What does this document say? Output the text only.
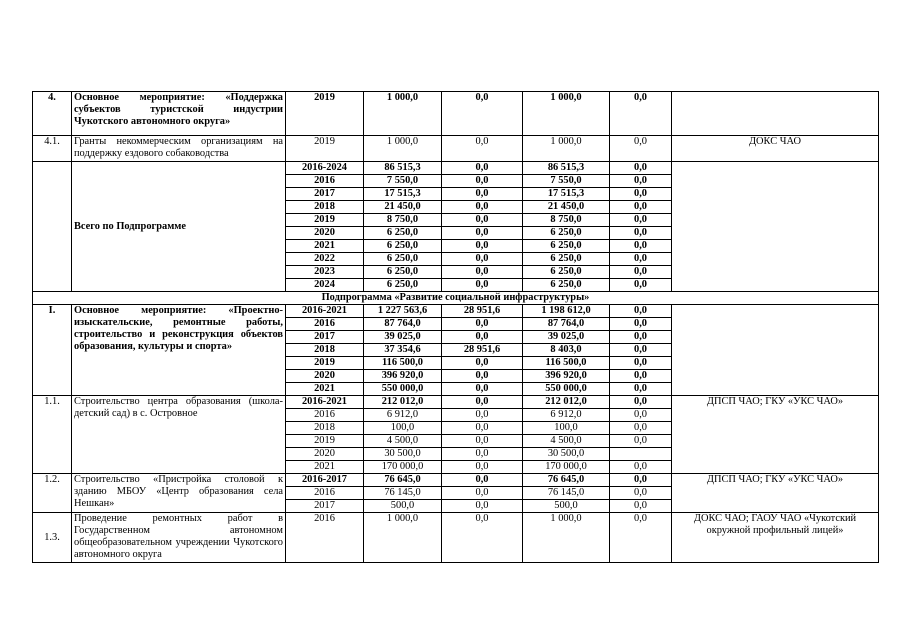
4.	Основное мероприятие: «Поддержка субъектов туристской индустрии Чукотского автономного округа»	2019	1 000,0	0,0	1 000,0	0,0	
4.1.	Гранты некоммерческим организациям на поддержку ездового собаководства	2019	1 000,0	0,0	1 000,0	0,0	ДОКС ЧАО
	Всего по Подпрограмме	2016-2024	86 515,3	0,0	86 515,3	0,0	
		2016	7 550,0	0,0	7 550,0	0,0	
		2017	17 515,3	0,0	17 515,3	0,0	
		2018	21 450,0	0,0	21 450,0	0,0	
		2019	8 750,0	0,0	8 750,0	0,0	
		2020	6 250,0	0,0	6 250,0	0,0	
		2021	6 250,0	0,0	6 250,0	0,0	
		2022	6 250,0	0,0	6 250,0	0,0	
		2023	6 250,0	0,0	6 250,0	0,0	
		2024	6 250,0	0,0	6 250,0	0,0	
Подпрограмма «Развитие социальной инфраструктуры»							
I.	Основное мероприятие: «Проектно-изыскательские, ремонтные работы, строительство и реконструкция объектов образования, культуры и спорта»	2016-2021	1 227 563,6	28 951,6	1 198 612,0	0,0	
		2016	87 764,0	0,0	87 764,0	0,0	
		2017	39 025,0	0,0	39 025,0	0,0	
		2018	37 354,6	28 951,6	8 403,0	0,0	
		2019	116 500,0	0,0	116 500,0	0,0	
		2020	396 920,0	0,0	396 920,0	0,0	
		2021	550 000,0	0,0	550 000,0	0,0	
1.1.	Строительство центра образования (школа-детский сад) в с. Островное	2016-2021	212 012,0	0,0	212 012,0	0,0	ДПСП ЧАО; ГКУ «УКС ЧАО»
		2016	6 912,0	0,0	6 912,0	0,0	
		2018	100,0	0,0	100,0	0,0	
		2019	4 500,0	0,0	4 500,0	0,0	
		2020	30 500,0	0,0	30 500,0		
		2021	170 000,0	0,0	170 000,0	0,0	
1.2.	Строительство «Пристройка столовой к зданию МБОУ «Центр образования села Нешкан»	2016-2017	76 645,0	0,0	76 645,0	0,0	ДПСП ЧАО; ГКУ «УКС ЧАО»
		2016	76 145,0	0,0	76 145,0	0,0	
		2017	500,0	0,0	500,0	0,0	
1.3.	Проведение ремонтных работ в Государственном автономном общеобразовательном учреждении Чукотского автономного округа	2016	1 000,0	0,0	1 000,0	0,0	ДОКС ЧАО; ГАОУ ЧАО «Чукотский окружной профильный лицей»
